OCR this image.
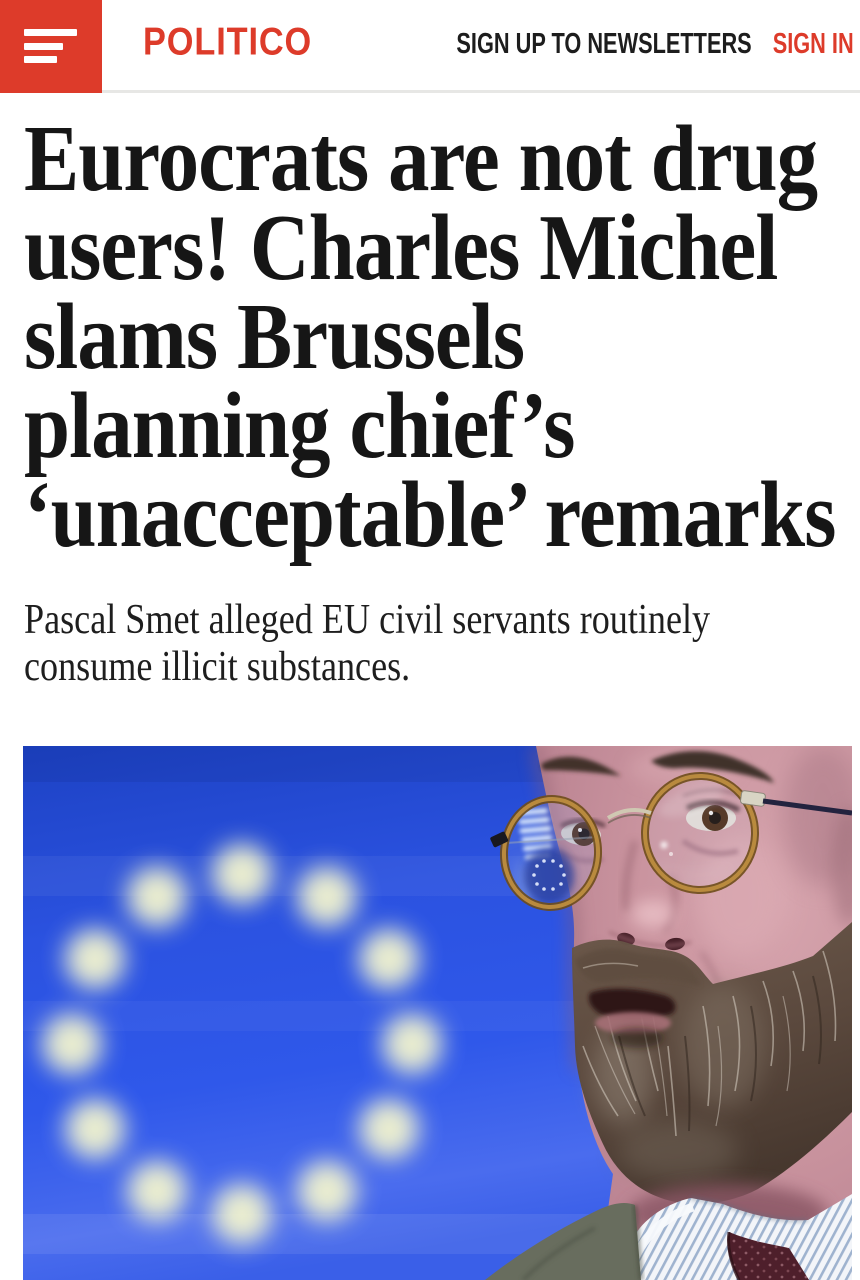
POLITICO	SIGN UP TO NEWSLETTERS SIGN IN
Eurocrats are not drug
users! Charles Michel
slams Brussels
planning chief’s
‘unacceptable’ remarks
Pascal Smet alleged EU civil servants routinely
consume illicit substances.
